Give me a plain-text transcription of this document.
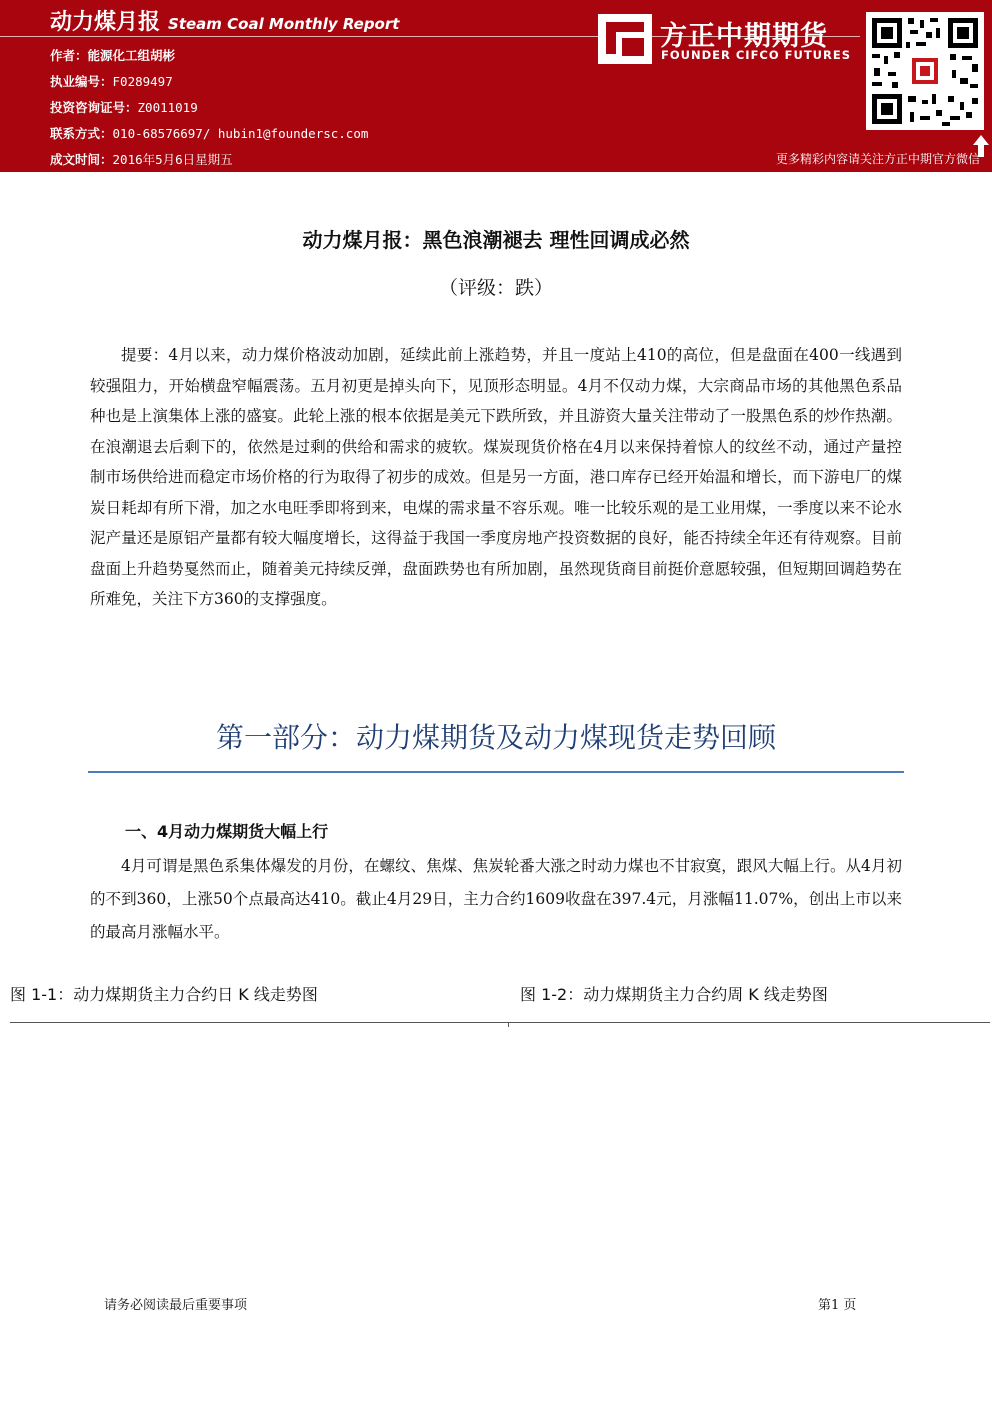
动力煤月报 Steam Coal Monthly Report
作者：能源化工组胡彬
执业编号：F0289497
投资咨询证号：Z0011019
联系方式：010-68576697/ hubin1@foundersc.com
成文时间：2016年5月6日星期五
方正中期期货
FOUNDER CIFCO FUTURES
更多精彩内容请关注方正中期官方微信
动力煤月报：黑色浪潮褪去 理性回调成必然
（评级：跌）

提要：4月以来，动力煤价格波动加剧，延续此前上涨趋势，并且一度站上410的高位，但是盘面在400一线遇到较强阻力，开始横盘窄幅震荡。五月初更是掉头向下，见顶形态明显。4月不仅动力煤，大宗商品市场的其他黑色系品种也是上演集体上涨的盛宴。此轮上涨的根本依据是美元下跌所致，并且游资大量关注带动了一股黑色系的炒作热潮。在浪潮退去后剩下的，依然是过剩的供给和需求的疲软。煤炭现货价格在4月以来保持着惊人的纹丝不动，通过产量控制市场供给进而稳定市场价格的行为取得了初步的成效。但是另一方面，港口库存已经开始温和增长，而下游电厂的煤炭日耗却有所下滑，加之水电旺季即将到来，电煤的需求量不容乐观。唯一比较乐观的是工业用煤，一季度以来不论水泥产量还是原铝产量都有较大幅度增长，这得益于我国一季度房地产投资数据的良好，能否持续全年还有待观察。目前盘面上升趋势戛然而止，随着美元持续反弹，盘面跌势也有所加剧，虽然现货商目前挺价意愿较强，但短期回调趋势在所难免，关注下方360的支撑强度。

第一部分：动力煤期货及动力煤现货走势回顾
一、4月动力煤期货大幅上行

4月可谓是黑色系集体爆发的月份，在螺纹、焦煤、焦炭轮番大涨之时动力煤也不甘寂寞，跟风大幅上行。从4月初的不到360，上涨50个点最高达410。截止4月29日，主力合约1609收盘在397.4元，月涨幅11.07%，创出上市以来的最高月涨幅水平。

图 1-1：动力煤期货主力合约日 K 线走势图	图 1-2：动力煤期货主力合约周 K 线走势图
请务必阅读最后重要事项	第1 页
